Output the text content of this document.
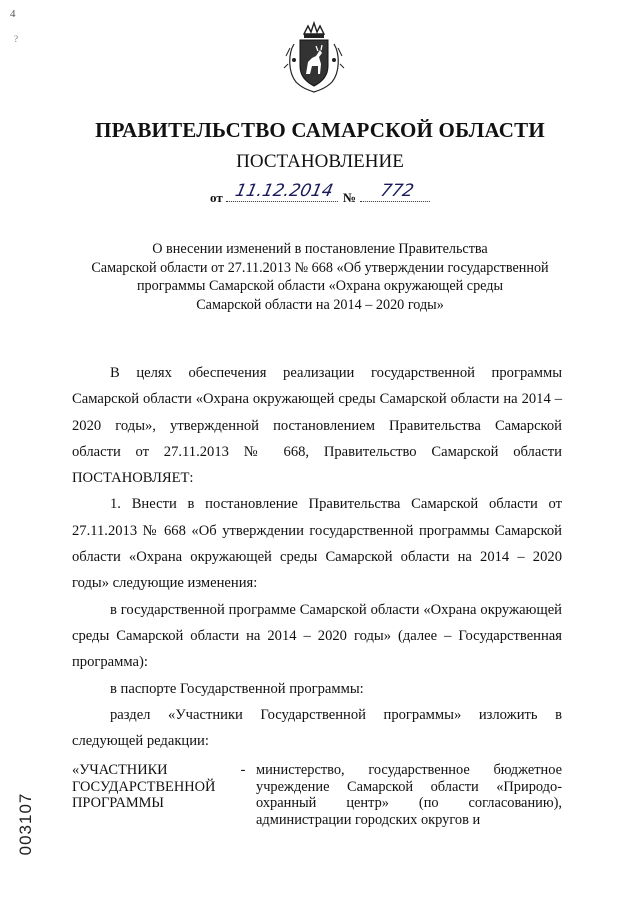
4
?
ПРАВИТЕЛЬСТВО САМАРСКОЙ ОБЛАСТИ
ПОСТАНОВЛЕНИЕ
от 11.12.2014 №	772
О внесении изменений в постановление Правительства
Самарской области от 27.11.2013 № 668 «Об утверждении государственной
программы Самарской области «Охрана окружающей среды
Самарской области на 2014 – 2020 годы»

В целях обеспечения реализации государственной программы Самарской области «Охрана окружающей среды Самарской области на 2014 – 2020 годы», утвержденной постановлением Правительства Самарской области от 27.11.2013 № 668, Правительство Самарской области ПОСТАНОВЛЯЕТ:

1. Внести в постановление Правительства Самарской области от 27.11.2013 № 668 «Об утверждении государственной программы Самарской области «Охрана окружающей среды Самарской области на 2014 – 2020 годы» следующие изменения:

в государственной программе Самарской области «Охрана окружающей среды Самарской области на 2014 – 2020 годы» (далее – Государственная программа):

в паспорте Государственной программы:

раздел «Участники Государственной программы» изложить в следующей редакции:

«УЧАСТНИКИ
ГОСУДАРСТВЕННОЙ
ПРОГРАММЫ
- министерство, государственное бюджетное учреждение Самарской области «Природо-охранный центр» (по согласованию), администрации городских округов и
003107
